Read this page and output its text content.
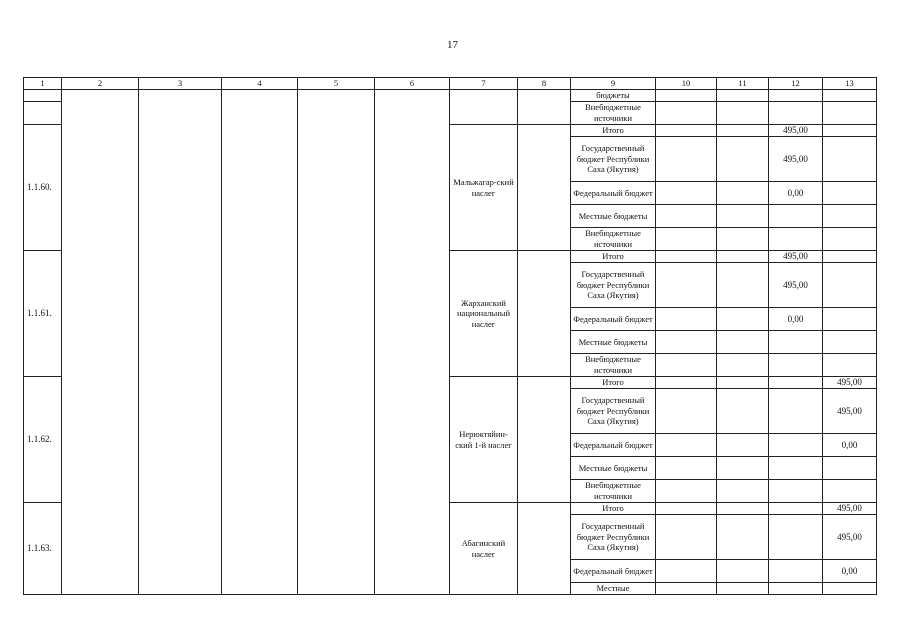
17
1	2	3	4	5	6	7	8	9	10	11	12	13
								бюджеты				
								Внебюджетные источники				
1.1.60.						Мальжагар-ский наслег		Итого			495,00	
								Государственный бюджет Республики Саха (Якутия)			495,00	
								Федеральный бюджет			0,00	
								Местные бюджеты				
								Внебюджетные источники				
1.1.61.						Жарханский национальный наслег		Итого			495,00	
								Государственный бюджет Республики Саха (Якутия)			495,00	
								Федеральный бюджет			0,00	
								Местные бюджеты				
								Внебюджетные источники				
1.1.62.						Нерюктяйин-ский 1-й наслег		Итого				495,00
								Государственный бюджет Республики Саха (Якутия)				495,00
								Федеральный бюджет				0,00
								Местные бюджеты				
								Внебюджетные источники				
1.1.63.						Абагинский наслег		Итого				495,00
								Государственный бюджет Республики Саха (Якутия)				495,00
								Федеральный бюджет				0,00
								Местные				
